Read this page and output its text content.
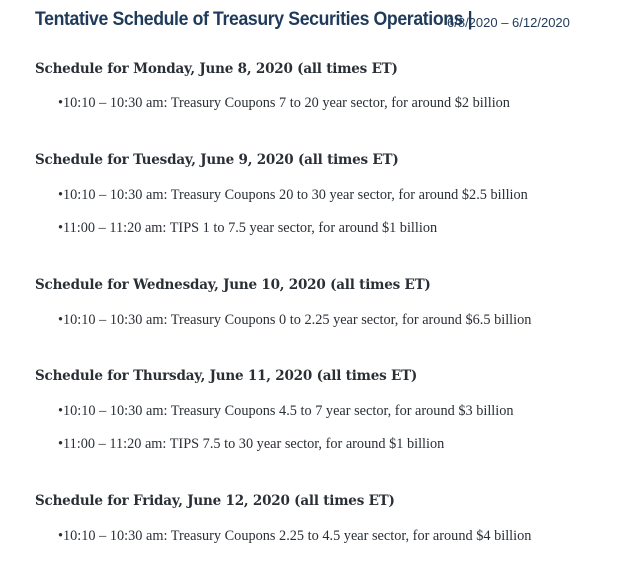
Tentative Schedule of Treasury Securities Operations |
6/8/2020 – 6/12/2020
Schedule for Monday, June 8, 2020 (all times ET)
•10:10 – 10:30 am: Treasury Coupons 7 to 20 year sector, for around $2 billion
Schedule for Tuesday, June 9, 2020 (all times ET)
•10:10 – 10:30 am: Treasury Coupons 20 to 30 year sector, for around $2.5 billion
•11:00 – 11:20 am: TIPS 1 to 7.5 year sector, for around $1 billion
Schedule for Wednesday, June 10, 2020 (all times ET)
•10:10 – 10:30 am: Treasury Coupons 0 to 2.25 year sector, for around $6.5 billion
Schedule for Thursday, June 11, 2020 (all times ET)
•10:10 – 10:30 am: Treasury Coupons 4.5 to 7 year sector, for around $3 billion
•11:00 – 11:20 am: TIPS 7.5 to 30 year sector, for around $1 billion
Schedule for Friday, June 12, 2020 (all times ET)
•10:10 – 10:30 am: Treasury Coupons 2.25 to 4.5 year sector, for around $4 billion
